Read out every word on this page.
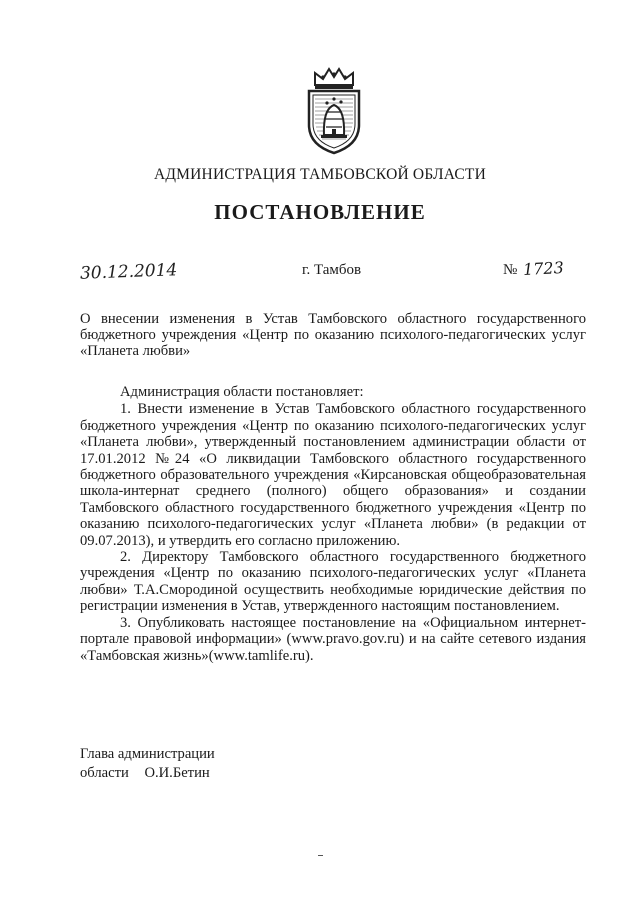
АДМИНИСТРАЦИЯ ТАМБОВСКОЙ ОБЛАСТИ
ПОСТАНОВЛЕНИЕ
30.12.2014	г. Тамбов	№ 1723
О внесении изменения в Устав Тамбовского областного государственного бюджетного учреждения «Центр по оказанию психолого-педагогических услуг «Планета любви»

Администрация области постановляет:

1. Внести изменение в Устав Тамбовского областного государственного бюджетного учреждения «Центр по оказанию психолого-педагогических услуг «Планета любви», утвержденный постановлением администрации области от 17.01.2012 №24 «О ликвидации Тамбовского областного государственного бюджетного образовательного учреждения «Кирсановская общеобразовательная школа-интернат среднего (полного) общего образования» и создании Тамбовского областного государственного бюджетного учреждения «Центр по оказанию психолого-педагогических услуг «Планета любви» (в редакции от 09.07.2013), и утвердить его согласно приложению.

2. Директору Тамбовского областного государственного бюджетного учреждения «Центр по оказанию психолого-педагогических услуг «Планета любви» Т.А.Смородиной осуществить необходимые юридические действия по регистрации изменения в Устав, утвержденного настоящим постановлением.

3. Опубликовать настоящее постановление на «Официальном интернет-портале правовой информации» (www.pravo.gov.ru) и на сайте сетевого издания «Тамбовская жизнь»(www.tamlife.ru).

Глава администрации
области О.И.Бетин
